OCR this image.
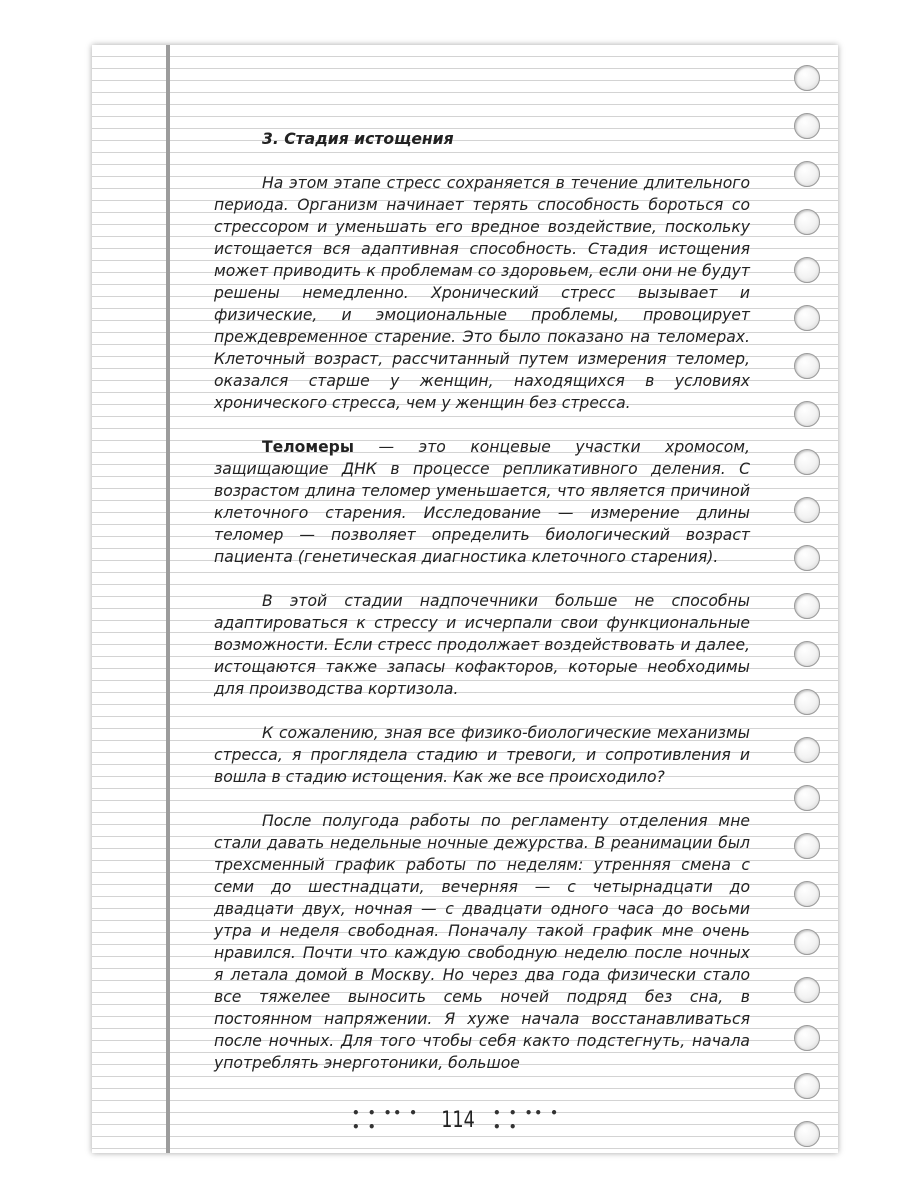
3. Стадия истощения

На этом этапе стресс сохраняется в течение длительного периода. Организм начинает терять способность бороться со стрессором и уменьшать его вредное воздействие, поскольку истощается вся адаптивная способность. Стадия истощения может приводить к проблемам со здоровьем, если они не будут решены немедленно. Хронический стресс вызывает и физические, и эмоциональные проблемы, провоцирует преждевременное старение. Это было показано на теломерах. Клеточный возраст, рассчитанный путем измерения теломер, оказался старше у женщин, находящихся в условиях хронического стресса, чем у женщин без стресса.

Теломеры — это концевые участки хромосом, защищающие ДНК в процессе репликативного деления. С возрастом длина теломер уменьшается, что является причиной клеточного старения. Исследование — измерение длины теломер — позволяет определить биологический возраст пациента (генетическая диагностика клеточного старения).

В этой стадии надпочечники больше не способны адаптироваться к стрессу и исчерпали свои функциональные возможности. Если стресс продолжает воздействовать и далее, истощаются также запасы кофакторов, которые необходимы для производства кортизола.

К сожалению, зная все физико-биологические механизмы стресса, я проглядела стадию и тревоги, и сопротивления и вошла в стадию истощения. Как же все происходило?

После полугода работы по регламенту отделения мне стали давать недельные ночные дежурства. В реанимации был трехсменный график работы по неделям: утренняя смена с семи до шестнадцати, вечерняя — с четырнадцати до двадцати двух, ночная — с двадцати одного часа до восьми утра и неделя свободная. Поначалу такой график мне очень нравился. Почти что каждую свободную неделю после ночных я летала домой в Москву. Но через два года физически стало все тяжелее выносить семь ночей подряд без сна, в постоянном напряжении. Я хуже начала восстанавливаться после ночных. Для того чтобы себя както подстегнуть, начала употреблять энерготоники, большое

• • •• • • •	114 • • •• • • •
